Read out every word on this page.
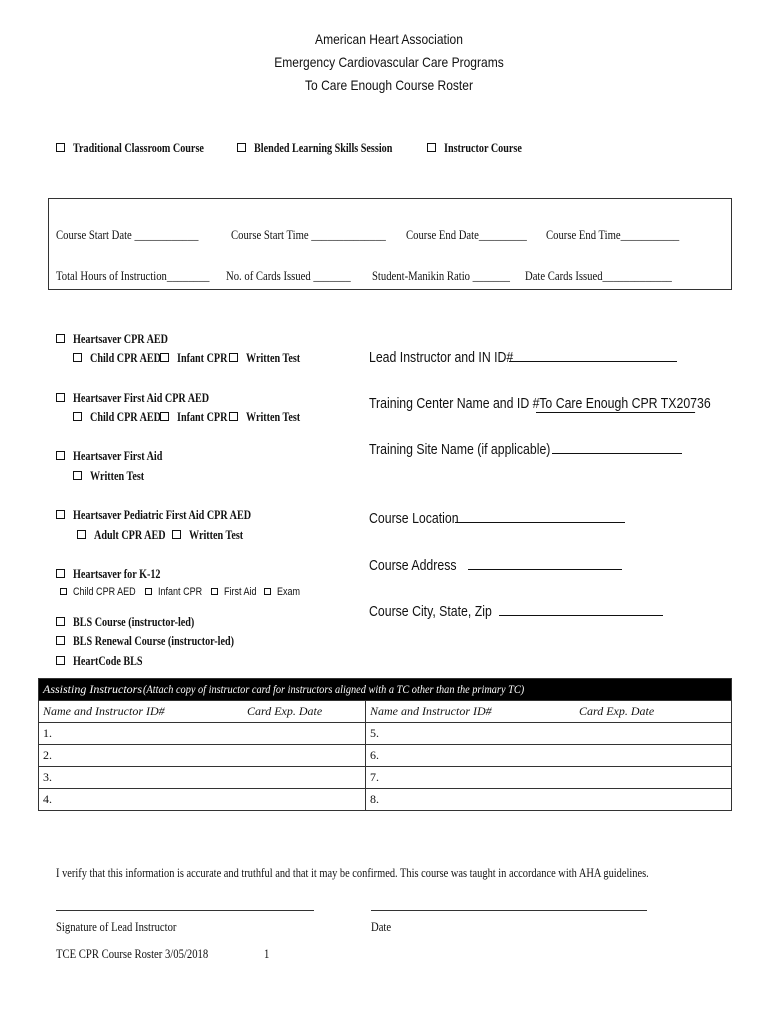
American Heart Association
Emergency Cardiovascular Care Programs
To Care Enough Course Roster
Traditional Classroom Course	Blended Learning Skills Session	Instructor Course
Course Start Date ____________	Course Start Time ______________ Course End Date_________ Course End Time___________
Total Hours of Instruction________ No. of Cards Issued _______ Student-Manikin Ratio _______ Date Cards Issued_____________
Heartsaver CPR AED
Child CPR AED Infant CPR Written Test
Heartsaver First Aid CPR AED
Child CPR AED Infant CPR Written Test
Heartsaver First Aid
Written Test
Heartsaver Pediatric First Aid CPR AED
Adult CPR AED Written Test
Heartsaver for K-12
Child CPR AED Infant CPR First Aid Exam
BLS Course (instructor-led)
BLS Renewal Course (instructor-led)
HeartCode BLS
Lead Instructor and IN ID#
Training Center Name and ID #To Care Enough CPR TX20736
Training Site Name (if applicable)
Course Location
Course Address
Course City, State, Zip
Assisting Instructors(Attach copy of instructor card for instructors aligned with a TC other than the primary TC)			
Name and Instructor ID#	Card Exp. Date	Name and Instructor ID#	Card Exp. Date
1.		5.	
2.		6.	
3.		7.	
4.		8.	
I verify that this information is accurate and truthful and that it may be confirmed. This course was taught in accordance with AHA guidelines.
Signature of Lead Instructor	Date
TCE CPR Course Roster 3/05/2018	1
